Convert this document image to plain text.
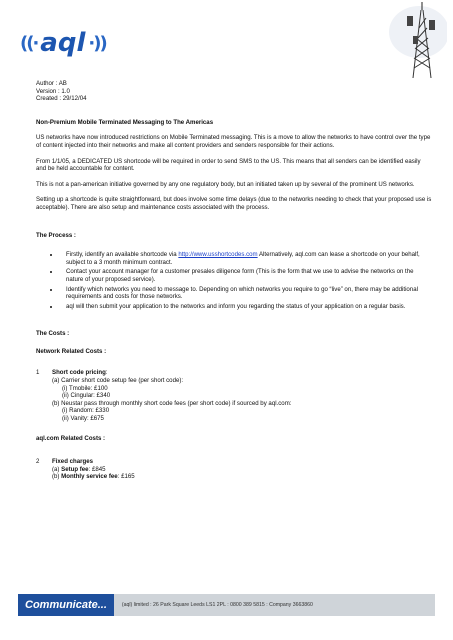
((· aql ·))
Author : AB
Version : 1.0
Created : 29/12/04
Non-Premium Mobile Terminated Messaging to The Americas

US networks have now introduced restrictions on Mobile Terminated messaging. This is a move to allow the networks to have control over the type of content injected into their networks and make all content providers and senders responsible for their actions.

From 1/1/05, a DEDICATED US shortcode will be required in order to send SMS to the US. This means that all senders can be identified easily and be held accountable for content.

This is not a pan-american initiative governed by any one regulatory body, but an initiated taken up by several of the prominent US networks.

Setting up a shortcode is quite straightforward, but does involve some time delays (due to the networks needing to check that your proposed use is acceptable). There are also setup and maintenance costs associated with the process.

The Process :
• Firstly, identify an available shortcode via http://www.usshortcodes.com Alternatively, aql.com can lease a shortcode on your behalf, subject to a 3 month minimum contract.
• Contact your account manager for a customer presales diligence form (This is the form that we use to advise the networks on the nature of your proposed service).
• Identify which networks you need to message to. Depending on which networks you require to go “live” on, there may be additional requirements and costs for those networks.
• aql will then submit your application to the networks and inform you regarding the status of your application on a regular basis.
The Costs :
Network Related Costs :
1	Short code pricing:
(a) Carrier short code setup fee (per short code):
(i) Tmobile: £100
(ii) Cingular: £340
(b) Neustar pass through monthly short code fees (per short code) if sourced by aql.com:
(i) Random: £330
(ii) Vanity: £675
aql.com Related Costs :
2	Fixed charges
(a) Setup fee: £845
(b) Monthly service fee: £165
Communicate...	(aql) limited : 26 Park Square Leeds LS1 2PL : 0800 389 5815 : Company 3663860
